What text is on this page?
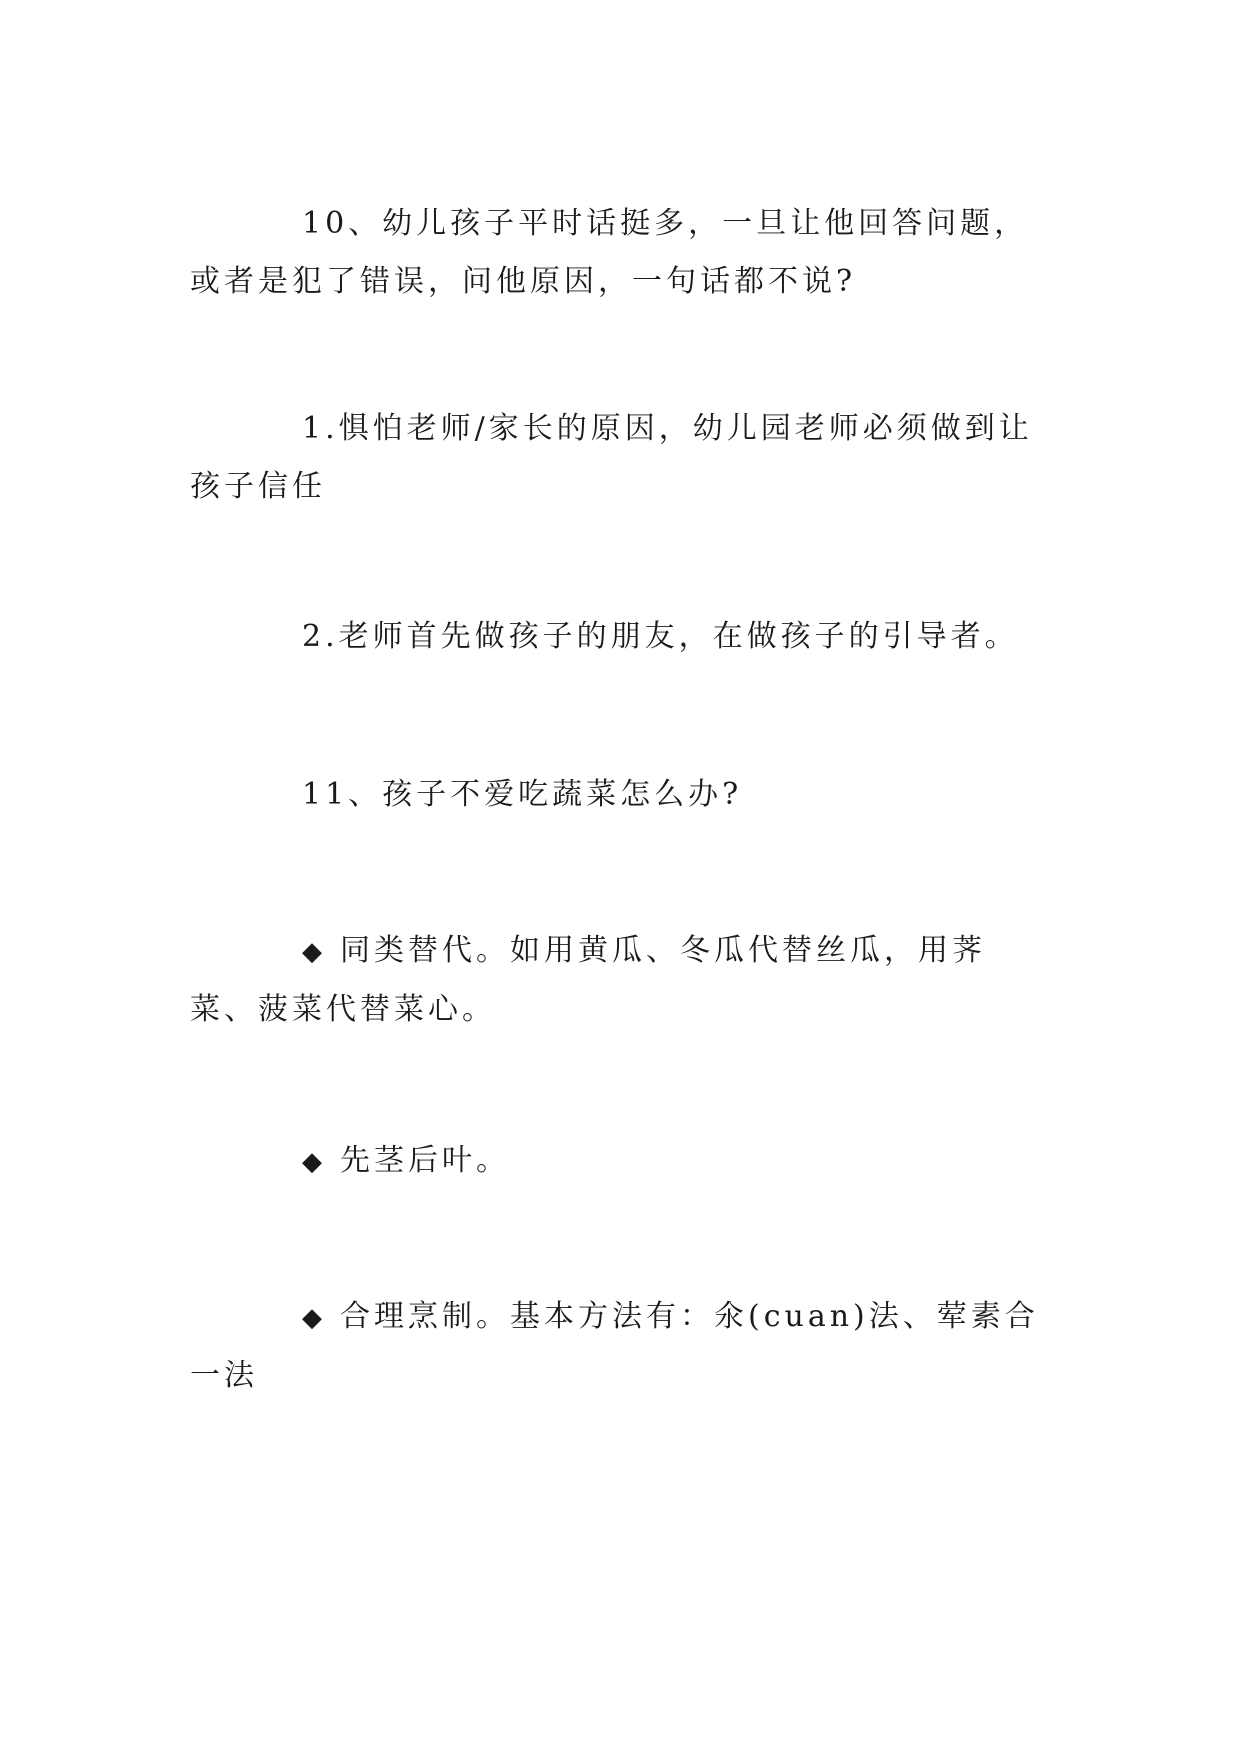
10、幼儿孩子平时话挺多，一旦让他回答问题，或者是犯了错误，问他原因，一句话都不说?

1.惧怕老师/家长的原因，幼儿园老师必须做到让孩子信任

2.老师首先做孩子的朋友，在做孩子的引导者。

11、孩子不爱吃蔬菜怎么办?

◆ 同类替代。如用黄瓜、冬瓜代替丝瓜，用荠菜、菠菜代替菜心。

◆ 先茎后叶。

◆ 合理烹制。基本方法有：氽(cuan)法、荤素合一法
